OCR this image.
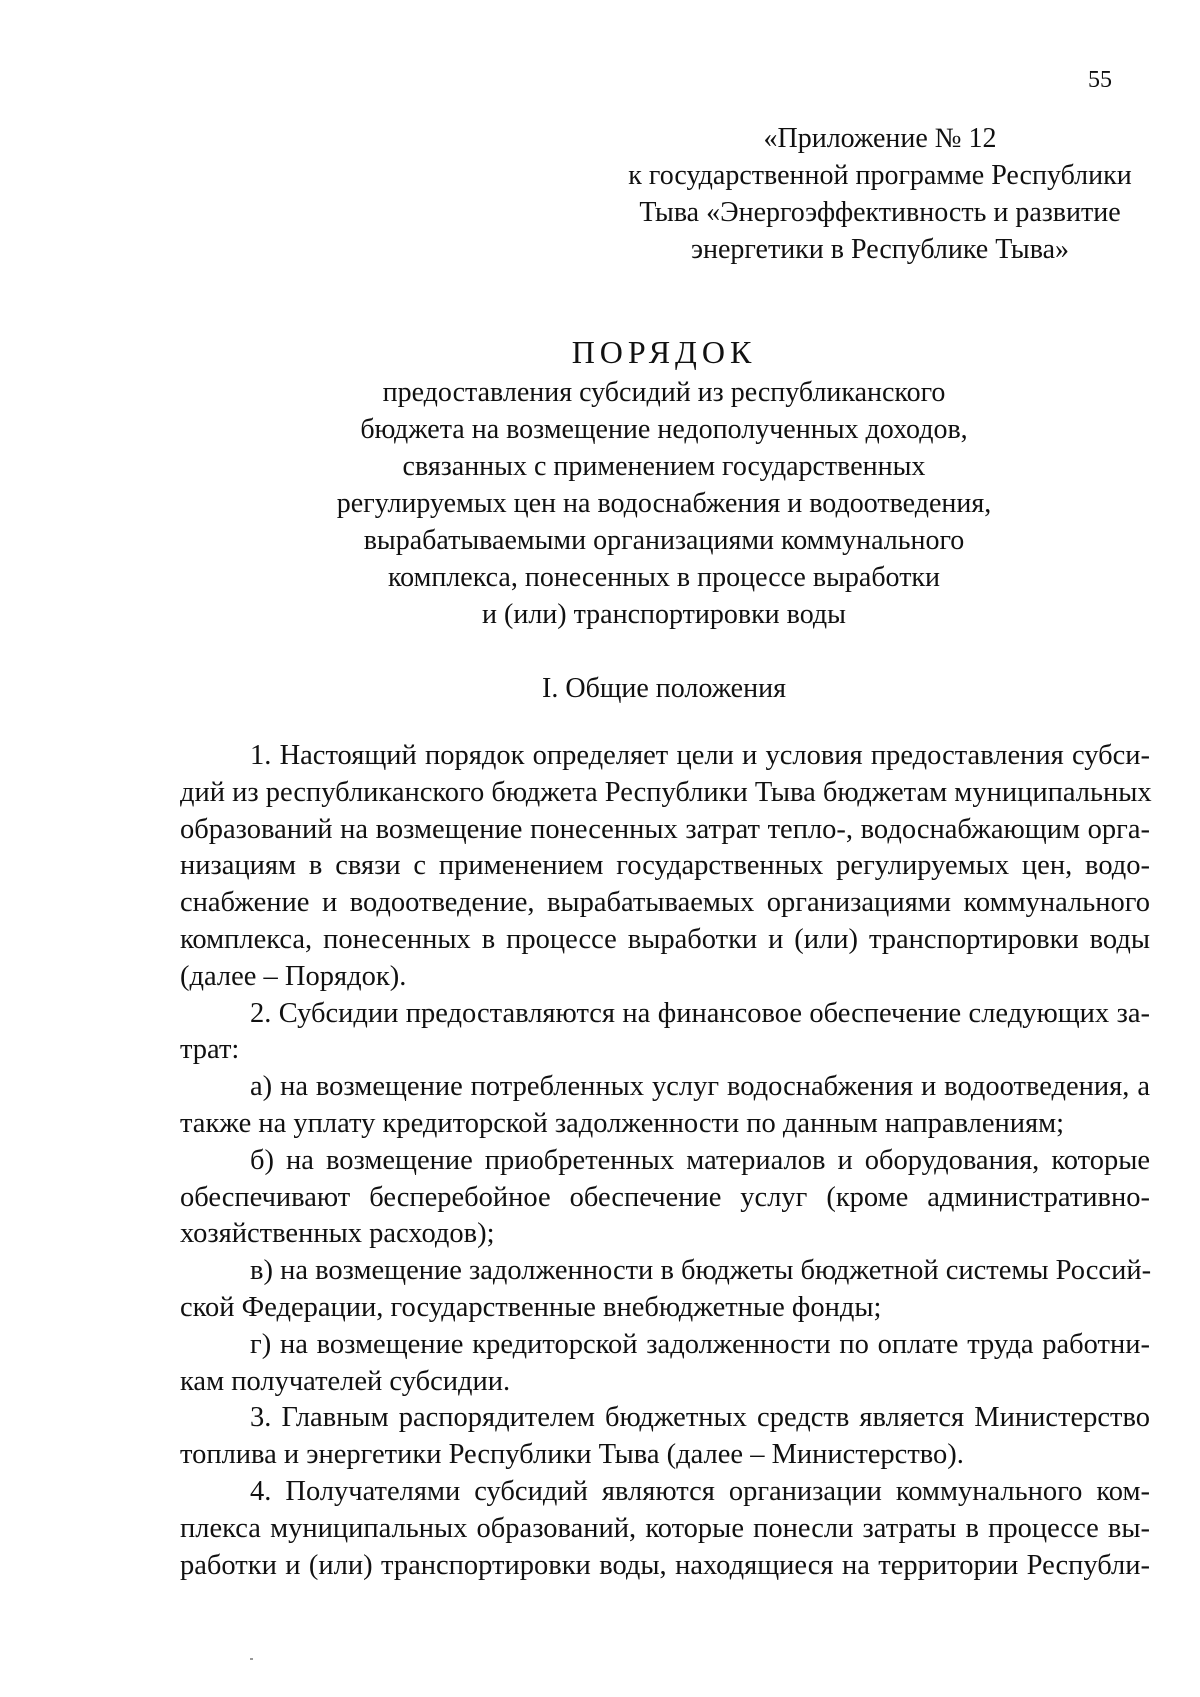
55
«Приложение № 12
к государственной программе Республики
Тыва «Энергоэффективность и развитие
энергетики в Республике Тыва»
ПОРЯДОК
предоставления субсидий из республиканского
бюджета на возмещение недополученных доходов,
связанных с применением государственных
регулируемых цен на водоснабжения и водоотведения,
вырабатываемыми организациями коммунального
комплекса, понесенных в процессе выработки
и (или) транспортировки воды
I. Общие положения
1. Настоящий порядок определяет цели и условия предоставления субси-
дий из республиканского бюджета Республики Тыва бюджетам муниципальных
образований на возмещение понесенных затрат тепло-, водоснабжающим орга-
низациям в связи с применением государственных регулируемых цен, водо-
снабжение и водоотведение, вырабатываемых организациями коммунального
комплекса, понесенных в процессе выработки и (или) транспортировки воды
(далее – Порядок).
2. Субсидии предоставляются на финансовое обеспечение следующих за-
трат:
а) на возмещение потребленных услуг водоснабжения и водоотведения, а
также на уплату кредиторской задолженности по данным направлениям;
б) на возмещение приобретенных материалов и оборудования, которые
обеспечивают бесперебойное обеспечение услуг (кроме административно-
хозяйственных расходов);
в) на возмещение задолженности в бюджеты бюджетной системы Россий-
ской Федерации, государственные внебюджетные фонды;
г) на возмещение кредиторской задолженности по оплате труда работни-
кам получателей субсидии.
3. Главным распорядителем бюджетных средств является Министерство
топлива и энергетики Республики Тыва (далее – Министерство).
4. Получателями субсидий являются организации коммунального ком-
плекса муниципальных образований, которые понесли затраты в процессе вы-
работки и (или) транспортировки воды, находящиеся на территории Республи-
